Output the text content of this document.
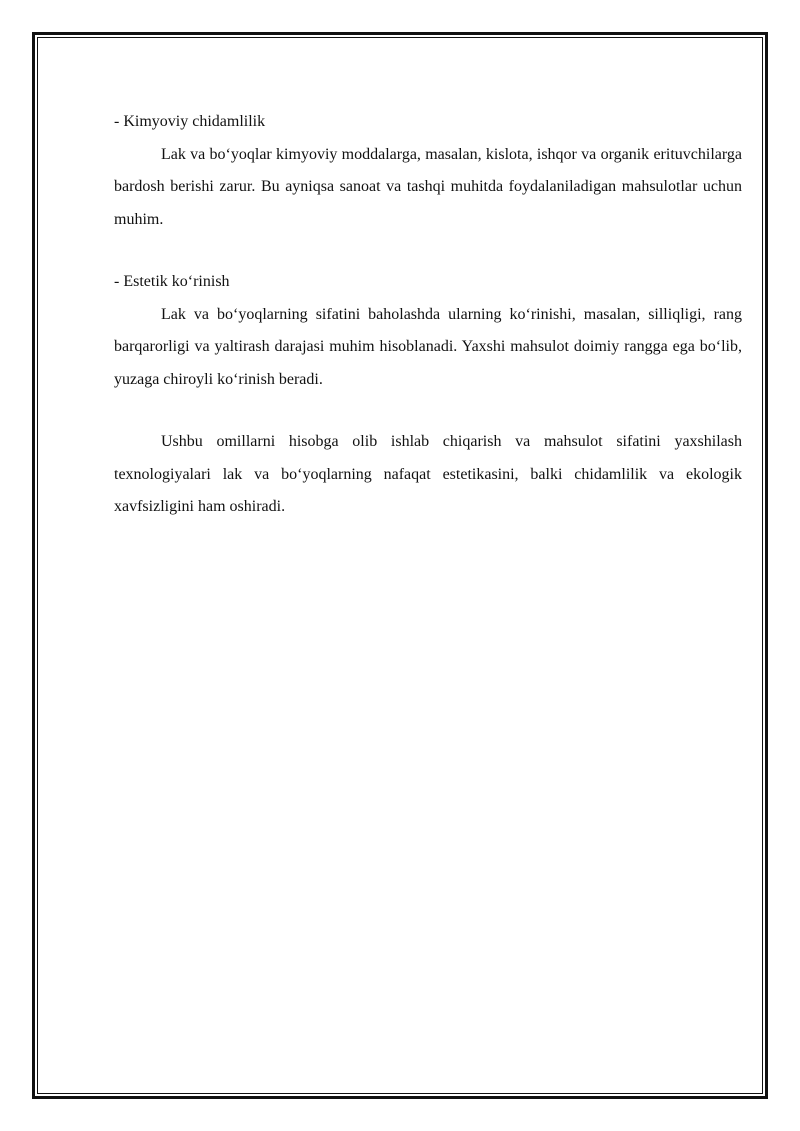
- Kimyoviy chidamlilik

Lak va bo‘yoqlar kimyoviy moddalarga, masalan, kislota, ishqor va organik erituvchilarga bardosh berishi zarur. Bu ayniqsa sanoat va tashqi muhitda foydalaniladigan mahsulotlar uchun muhim.

- Estetik ko‘rinish

Lak va bo‘yoqlarning sifatini baholashda ularning ko‘rinishi, masalan, silliqligi, rang barqarorligi va yaltirash darajasi muhim hisoblanadi. Yaxshi mahsulot doimiy rangga ega bo‘lib, yuzaga chiroyli ko‘rinish beradi.

Ushbu omillarni hisobga olib ishlab chiqarish va mahsulot sifatini yaxshilash texnologiyalari lak va bo‘yoqlarning nafaqat estetikasini, balki chidamlilik va ekologik xavfsizligini ham oshiradi.
